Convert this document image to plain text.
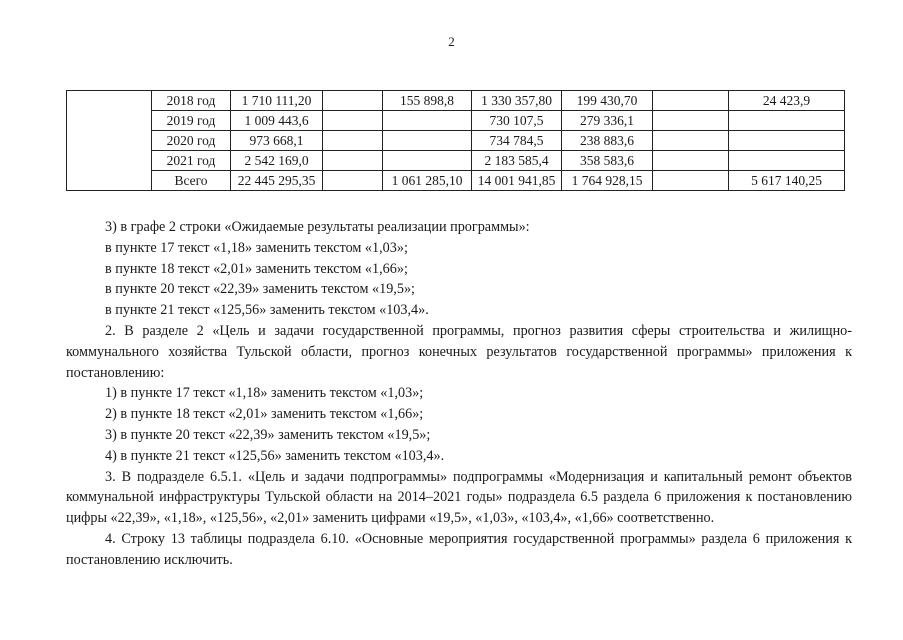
2
	2018 год	1 710 111,20		155 898,8	1 330 357,80	199 430,70		24 423,9
	2019 год	1 009 443,6			730 107,5	279 336,1		
	2020 год	973 668,1			734 784,5	238 883,6		
	2021 год	2 542 169,0			2 183 585,4	358 583,6		
	Всего	22 445 295,35		1 061 285,10	14 001 941,85	1 764 928,15		5 617 140,25

3) в графе 2 строки «Ожидаемые результаты реализации программы»:

в пункте 17 текст «1,18» заменить текстом «1,03»;

в пункте 18 текст «2,01» заменить текстом «1,66»;

в пункте 20 текст «22,39» заменить текстом «19,5»;

в пункте 21 текст «125,56» заменить текстом «103,4».

2. В разделе 2 «Цель и задачи государственной программы, прогноз развития сферы строительства и жилищно-коммунального хозяйства Тульской области, прогноз конечных результатов государственной программы» приложения к постановлению:

1) в пункте 17 текст «1,18» заменить текстом «1,03»;

2) в пункте 18 текст «2,01» заменить текстом «1,66»;

3) в пункте 20 текст «22,39» заменить текстом «19,5»;

4) в пункте 21 текст «125,56» заменить текстом «103,4».

3. В подразделе 6.5.1. «Цель и задачи подпрограммы» подпрограммы «Модернизация и капитальный ремонт объектов коммунальной инфраструктуры Тульской области на 2014–2021 годы» подраздела 6.5 раздела 6 приложения к постановлению цифры «22,39», «1,18», «125,56», «2,01» заменить цифрами «19,5», «1,03», «103,4», «1,66» соответственно.

4. Строку 13 таблицы подраздела 6.10. «Основные мероприятия государственной программы» раздела 6 приложения к постановлению исключить.
